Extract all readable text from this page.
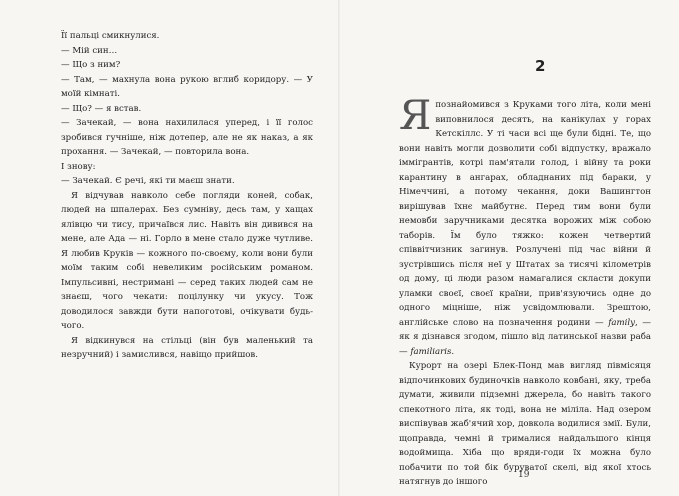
Її пальці смикнулися.

— Мій син…

— Що з ним?

— Там, — махнула вона рукою вглиб коридору. — У моїй кімнаті.

— Що? — я встав.

— Зачекай, — вона нахилилася уперед, і її голос зробився гучніше, ніж дотепер, але не як наказ, а як прохання. — Зачекай, — повторила вона.

І знову:

— Зачекай. Є речі, які ти маєш знати.

Я відчував навколо себе погляди коней, собак, людей на шпалерах. Без сумніву, десь там, у хащах ялівцю чи тису, причаївся лис. Навіть він дивився на мене, але Ада — ні. Горло в мене стало дуже чутливе. Я любив Круків — кожного по-своєму, коли вони були моїм таким собі невеликим російським романом. Імпульсивні, нестримані — серед таких людей сам не знаєш, чого чекати: поцілунку чи укусу. Тож доводилося завжди бути напоготові, очікувати будь-чого.

Я відкинувся на стільці (він був маленький та незручний) і замислився, навіщо прийшов.

2

Япознайомився з Круками того літа, коли мені виповнилося десять, на канікулах у горах Кетскіллс. У ті часи всі ще були бідні. Те, що вони навіть могли дозволити собі відпустку, вражало іммігрантів, котрі пам'ятали голод, і війну та роки карантину в ангарах, обладнаних під бараки, у Німеччині, а потому чекання, доки Вашингтон вирішував їхнє майбутнє. Перед тим вони були немовби заручниками десятка ворожих між собою таборів. Їм було тяжко: кожен четвертий співвітчизник загинув. Розлучені під час війни й зустрівшись після неї у Штатах за тисячі кілометрів од дому, ці люди разом намагалися скласти докупи уламки своєї, своєї країни, прив'язуючись одне до одного міцніше, ніж усвідомлювали. Зрештою, англійське слово на позначення родини — family, — як я дізнався згодом, пішло від латинської назви раба — familiaris.

Курорт на озері Блек-Понд мав вигляд півмісяця відпочинкових будиночків навколо ковбані, яку, треба думати, живили підземні джерела, бо навіть такого спекотного літа, як тоді, вона не міліла. Над озером виспівував жаб'ячий хор, довкола водилися змії. Були, щоправда, чемні й трималися найдальшого кінця водоймища. Хіба що вряди-годи їх можна було побачити по той бік буруватої скелі, від якої хтось натягнув до іншого

19
